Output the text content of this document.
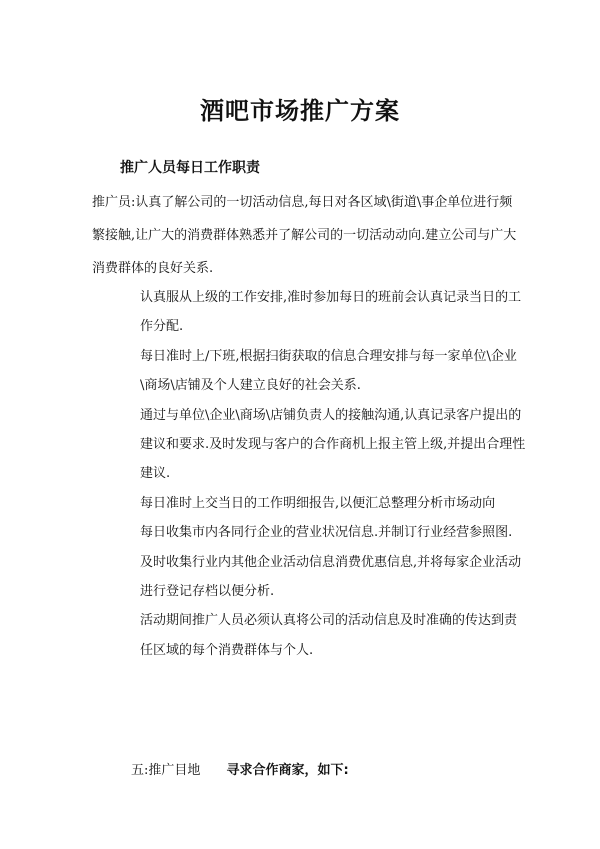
酒吧市场推广方案
推广人员每日工作职责

推广员:认真了解公司的一切活动信息,每日对各区域\街道\事企单位进行频繁接触,让广大的消费群体熟悉并了解公司的一切活动动向.建立公司与广大消费群体的良好关系.

认真服从上级的工作安排,准时参加每日的班前会认真记录当日的工作分配.
每日准时上/下班,根据扫街获取的信息合理安排与每一家单位\企业\商场\店铺及个人建立良好的社会关系.
通过与单位\企业\商场\店铺负责人的接触沟通,认真记录客户提出的建议和要求.及时发现与客户的合作商机上报主管上级,并提出合理性建议.
每日准时上交当日的工作明细报告,以便汇总整理分析市场动向
每日收集市内各同行企业的营业状况信息.并制订行业经营参照图.
及时收集行业内其他企业活动信息消费优惠信息,并将每家企业活动进行登记存档以便分析.
活动期间推广人员必须认真将公司的活动信息及时准确的传达到责任区域的每个消费群体与个人.

五:推广目地 寻求合作商家，如下:
